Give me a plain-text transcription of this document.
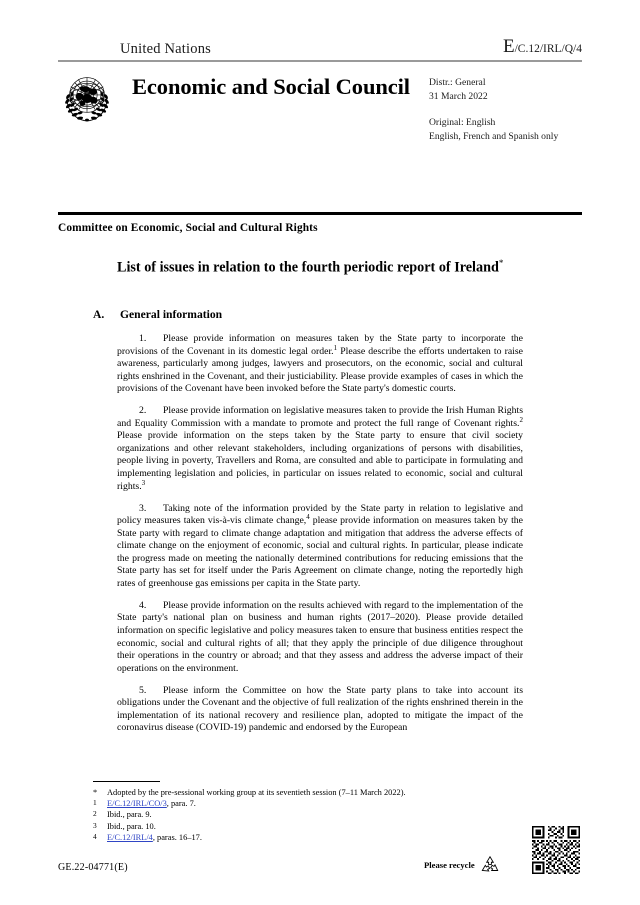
United Nations	E/C.12/IRL/Q/4
Economic and Social Council Distr.: General
31 March 2022
Original: English
English, French and Spanish only
Committee on Economic, Social and Cultural Rights
List of issues in relation to the fourth periodic report of Ireland*
A. General information
1. Please provide information on measures taken by the State party to incorporate the provisions of the Covenant in its domestic legal order.$^1$ Please describe the efforts undertaken to raise awareness, particularly among judges, lawyers and prosecutors, on the economic, social and cultural rights enshrined in the Covenant, and their justiciability. Please provide examples of cases in which the provisions of the Covenant have been invoked before the State party's domestic courts.
2. Please provide information on legislative measures taken to provide the Irish Human Rights and Equality Commission with a mandate to promote and protect the full range of Covenant rights.$^2$ Please provide information on the steps taken by the State party to ensure that civil society organizations and other relevant stakeholders, including organizations of persons with disabilities, people living in poverty, Travellers and Roma, are consulted and able to participate in formulating and implementing legislation and policies, in particular on issues related to economic, social and cultural rights.$^3$
3. Taking note of the information provided by the State party in relation to legislative and policy measures taken vis-à-vis climate change,$^4$ please provide information on measures taken by the State party with regard to climate change adaptation and mitigation that address the adverse effects of climate change on the enjoyment of economic, social and cultural rights. In particular, please indicate the progress made on meeting the nationally determined contributions for reducing emissions that the State party has set for itself under the Paris Agreement on climate change, noting the reportedly high rates of greenhouse gas emissions per capita in the State party.
4. Please provide information on the results achieved with regard to the implementation of the State party's national plan on business and human rights (2017–2020). Please provide detailed information on specific legislative and policy measures taken to ensure that business entities respect the economic, social and cultural rights of all; that they apply the principle of due diligence throughout their operations in the country or abroad; and that they assess and address the adverse impact of their operations on the environment.
5. Please inform the Committee on how the State party plans to take into account its obligations under the Covenant and the objective of full realization of the rights enshrined therein in the implementation of its national recovery and resilience plan, adopted to mitigate the impact of the coronavirus disease (COVID-19) pandemic and endorsed by the European
* Adopted by the pre-sessional working group at its seventieth session (7–11 March 2022).
1 E/C.12/IRL/CO/3, para. 7.
2 Ibid., para. 9.
3 Ibid., para. 10.
4 E/C.12/IRL/4, paras. 16–17.
GE.22-04771(E)	Please recycle
